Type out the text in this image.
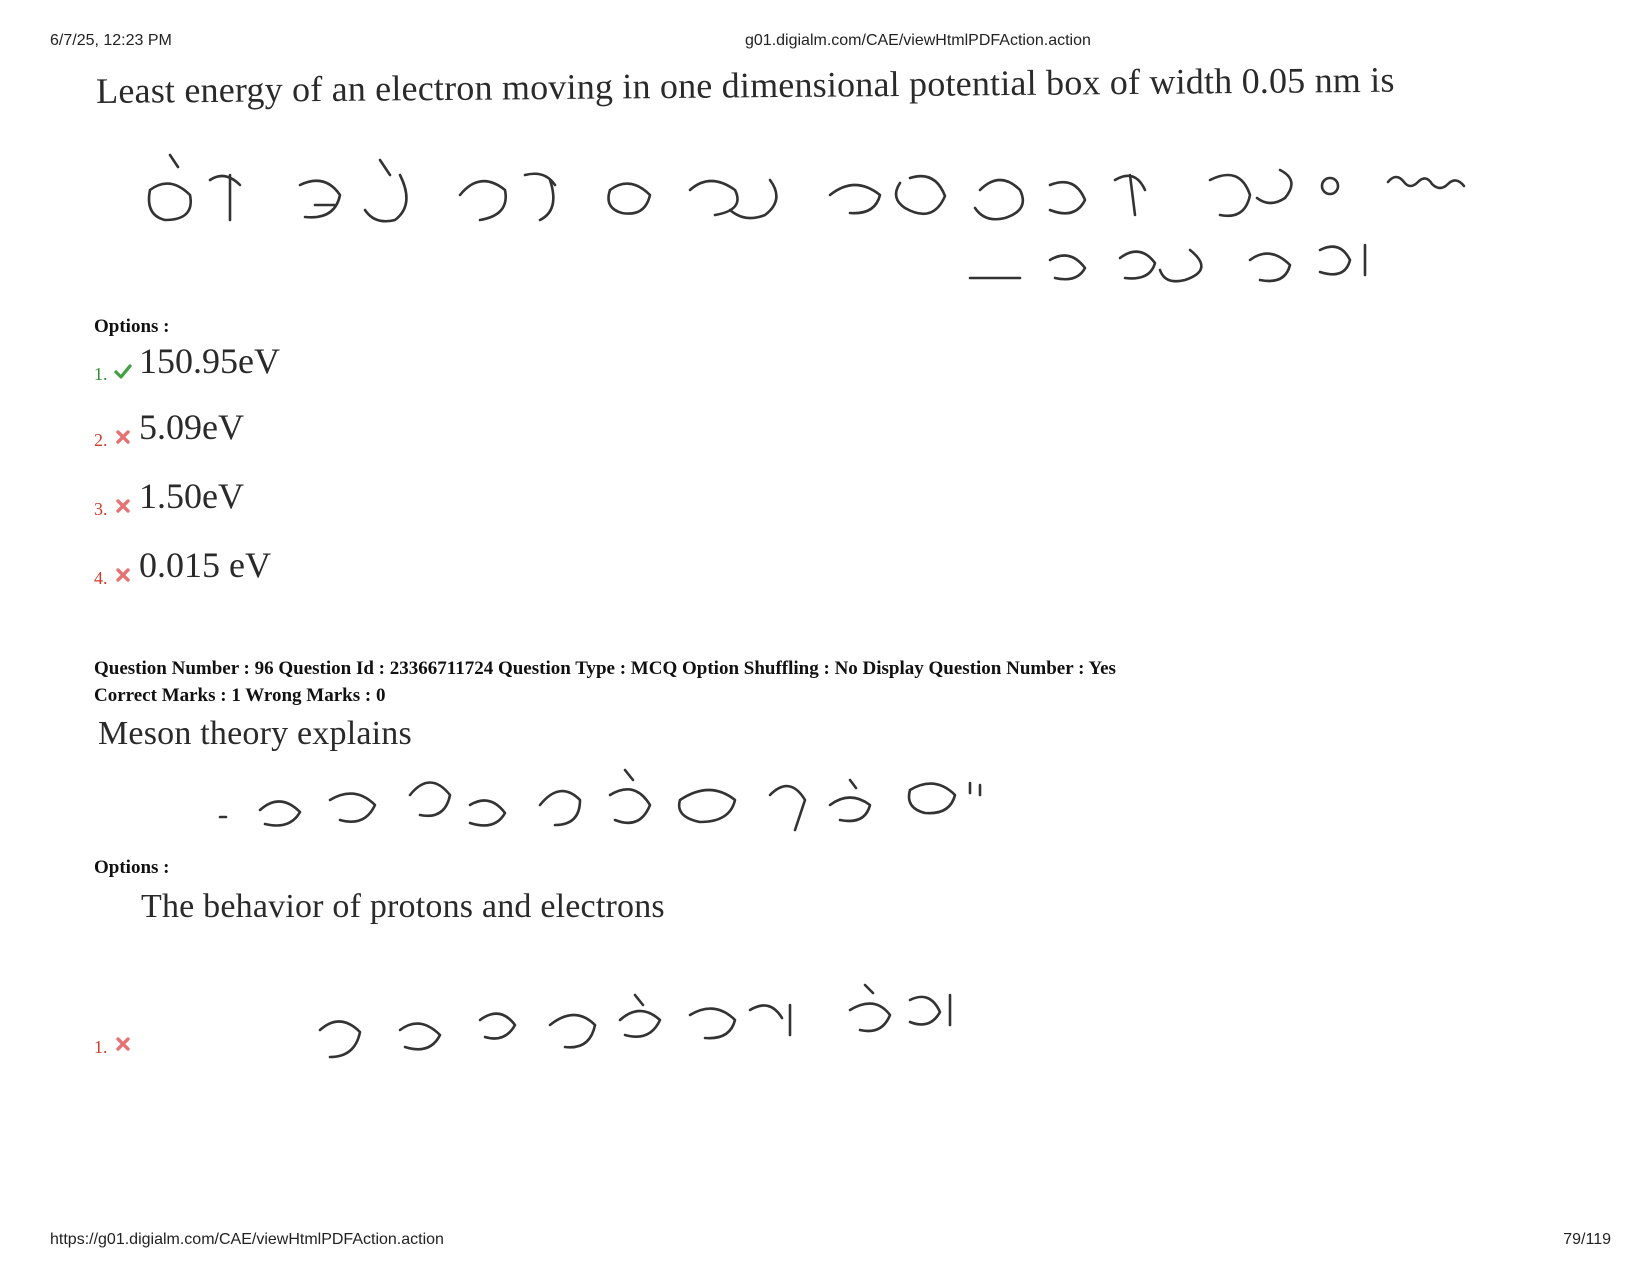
6/7/25, 12:23 PM	g01.digialm.com/CAE/viewHtmlPDFAction.action
Least energy of an electron moving in one dimensional potential box of width 0.05 nm is
Options :
1. 150.95eV
2. 5.09eV
3. 1.50eV
4. 0.015 eV
Question Number : 96 Question Id : 23366711724 Question Type : MCQ Option Shuffling : No Display Question Number : Yes
Correct Marks : 1 Wrong Marks : 0
Meson theory explains
Options :
The behavior of protons and electrons
1.
https://g01.digialm.com/CAE/viewHtmlPDFAction.action	79/119
